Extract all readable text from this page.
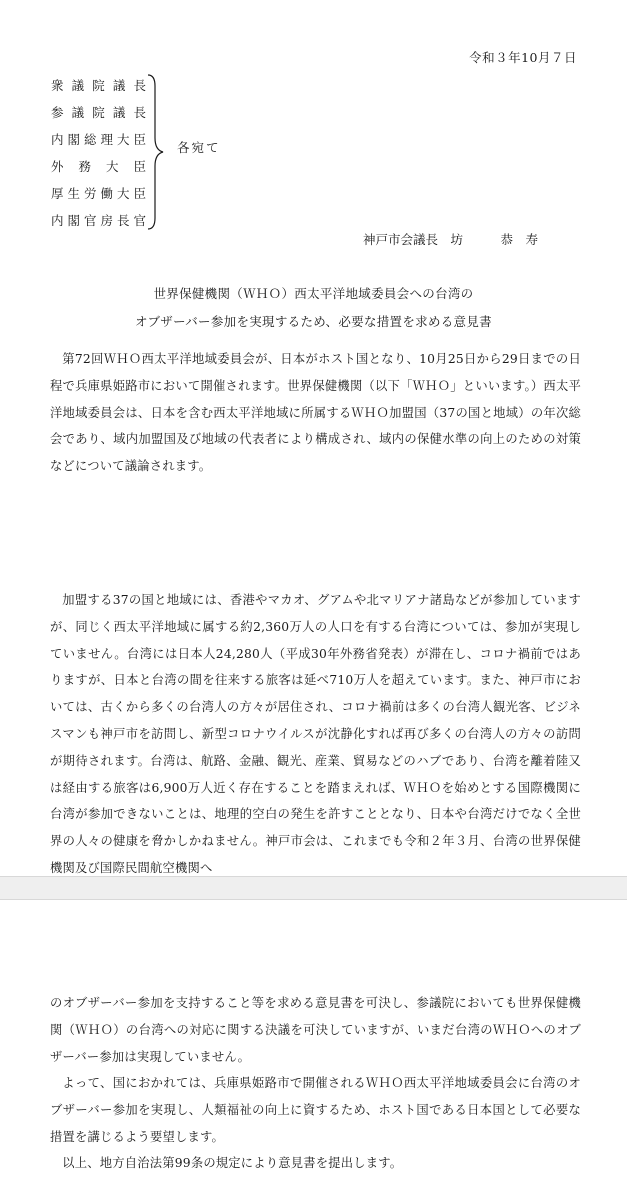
令和３年10月７日
衆議院議長
参議院議長
内閣総理大臣
外務大臣
厚生労働大臣
内閣官房長官
各宛て
神戸市会議長　坊　　　恭　寿
世界保健機関（ＷＨＯ）西太平洋地域委員会への台湾の
オブザーバー参加を実現するため、必要な措置を求める意見書
第72回ＷＨＯ西太平洋地域委員会が、日本がホスト国となり、10月25日から29日までの日程で兵庫県姫路市において開催されます。世界保健機関（以下「ＷＨＯ」といいます。）西太平洋地域委員会は、日本を含む西太平洋地域に所属するＷＨＯ加盟国（37の国と地域）の年次総会であり、域内加盟国及び地域の代表者により構成され、域内の保健水準の向上のための対策などについて議論されます。
加盟する37の国と地域には、香港やマカオ、グアムや北マリアナ諸島などが参加していますが、同じく西太平洋地域に属する約2,360万人の人口を有する台湾については、参加が実現していません。台湾には日本人24,280人（平成30年外務省発表）が滞在し、コロナ禍前ではありますが、日本と台湾の間を往来する旅客は延べ710万人を超えています。また、神戸市においては、古くから多くの台湾人の方々が居住され、コロナ禍前は多くの台湾人観光客、ビジネスマンも神戸市を訪問し、新型コロナウイルスが沈静化すれば再び多くの台湾人の方々の訪問が期待されます。台湾は、航路、金融、観光、産業、貿易などのハブであり、台湾を離着陸又は経由する旅客は6,900万人近く存在することを踏まえれば、ＷＨＯを始めとする国際機関に台湾が参加できないことは、地理的空白の発生を許すこととなり、日本や台湾だけでなく全世界の人々の健康を脅かしかねません。神戸市会は、これまでも令和２年３月、台湾の世界保健機関及び国際民間航空機関へ
のオブザーバー参加を支持すること等を求める意見書を可決し、参議院においても世界保健機関（ＷＨＯ）の台湾への対応に関する決議を可決していますが、いまだ台湾のＷＨＯへのオブザーバー参加は実現していません。
よって、国におかれては、兵庫県姫路市で開催されるＷＨＯ西太平洋地域委員会に台湾のオブザーバー参加を実現し、人類福祉の向上に資するため、ホスト国である日本国として必要な措置を講じるよう要望します。
以上、地方自治法第99条の規定により意見書を提出します。
